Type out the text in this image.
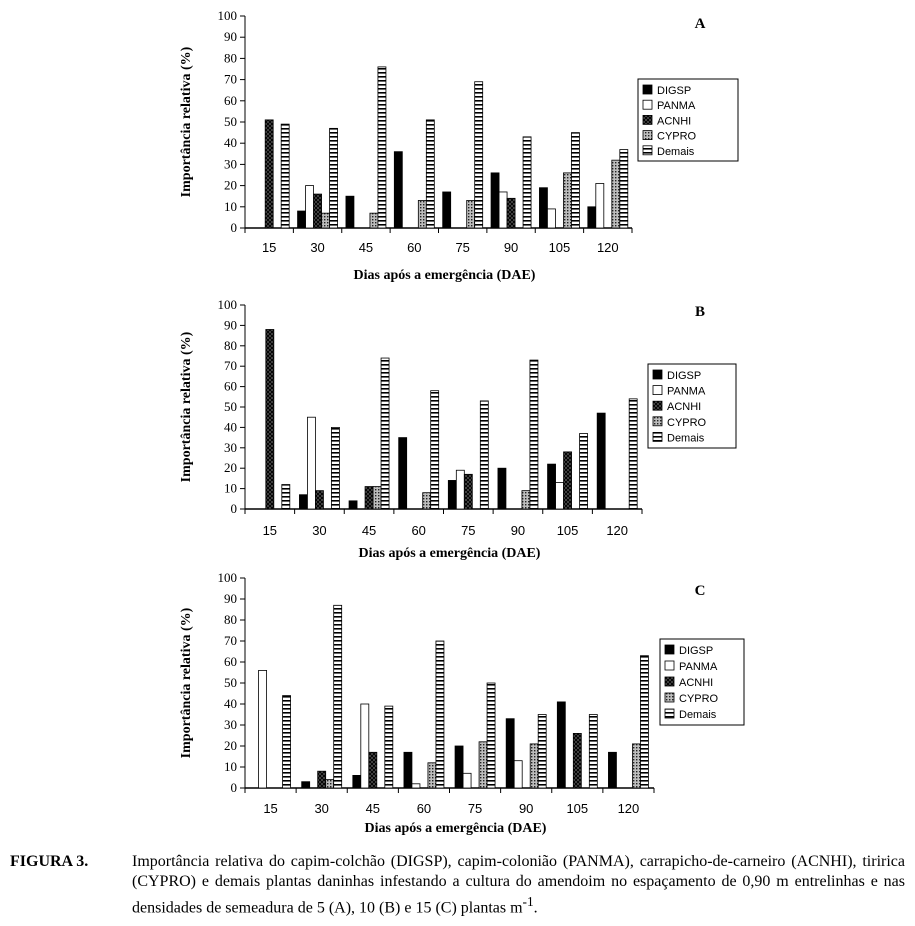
0
10
20
30
40
50
60
70
80
90
100
15	30	45	60	75	90 105 120
Dias após a emergência (DAE)
Importância relativa (%)
A
DIGSP
PANMA
ACNHI
CYPRO
Demais
0
10
20
30
40
50
60
70
80
90
100
15	30	45	60	75	90 105 120
Dias após a emergência (DAE)
Importância relativa (%)
B
DIGSP
PANMA
ACNHI
CYPRO
Demais
0
10
20
30
40
50
60
70
80
90
100
15	30	45	60	75	90	105 120
Dias após a emergência (DAE)
Importância relativa (%)
C
DIGSP
PANMA
ACNHI
CYPRO
Demais
FIGURA 3.	Importância relativa do capim-colchão (DIGSP), capim-colonião (PANMA), carrapicho-de-carneiro (ACNHI), tiririca (CYPRO) e demais plantas daninhas infestando a cultura do amendoim no espaçamento de 0,90 m entrelinhas e nas densidades de semeadura de 5 (A), 10 (B) e 15 (C) plantas $m^{-1}$.
